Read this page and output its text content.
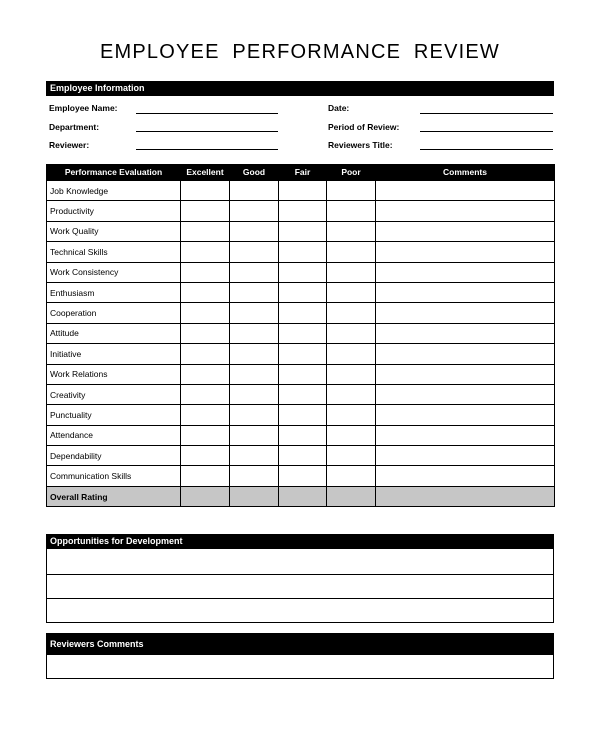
EMPLOYEE PERFORMANCE REVIEW
Employee Information
Employee Name:	Date:
Department:	Period of Review:
Reviewer:	Reviewers Title:
Performance Evaluation	Excellent	Good	Fair	Poor	Comments
Job Knowledge					
Productivity					
Work Quality					
Technical Skills					
Work Consistency					
Enthusiasm					
Cooperation					
Attitude					
Initiative					
Work Relations					
Creativity					
Punctuality					
Attendance					
Dependability					
Communication Skills					
Overall Rating					
Opportunities for Development
Reviewers Comments
